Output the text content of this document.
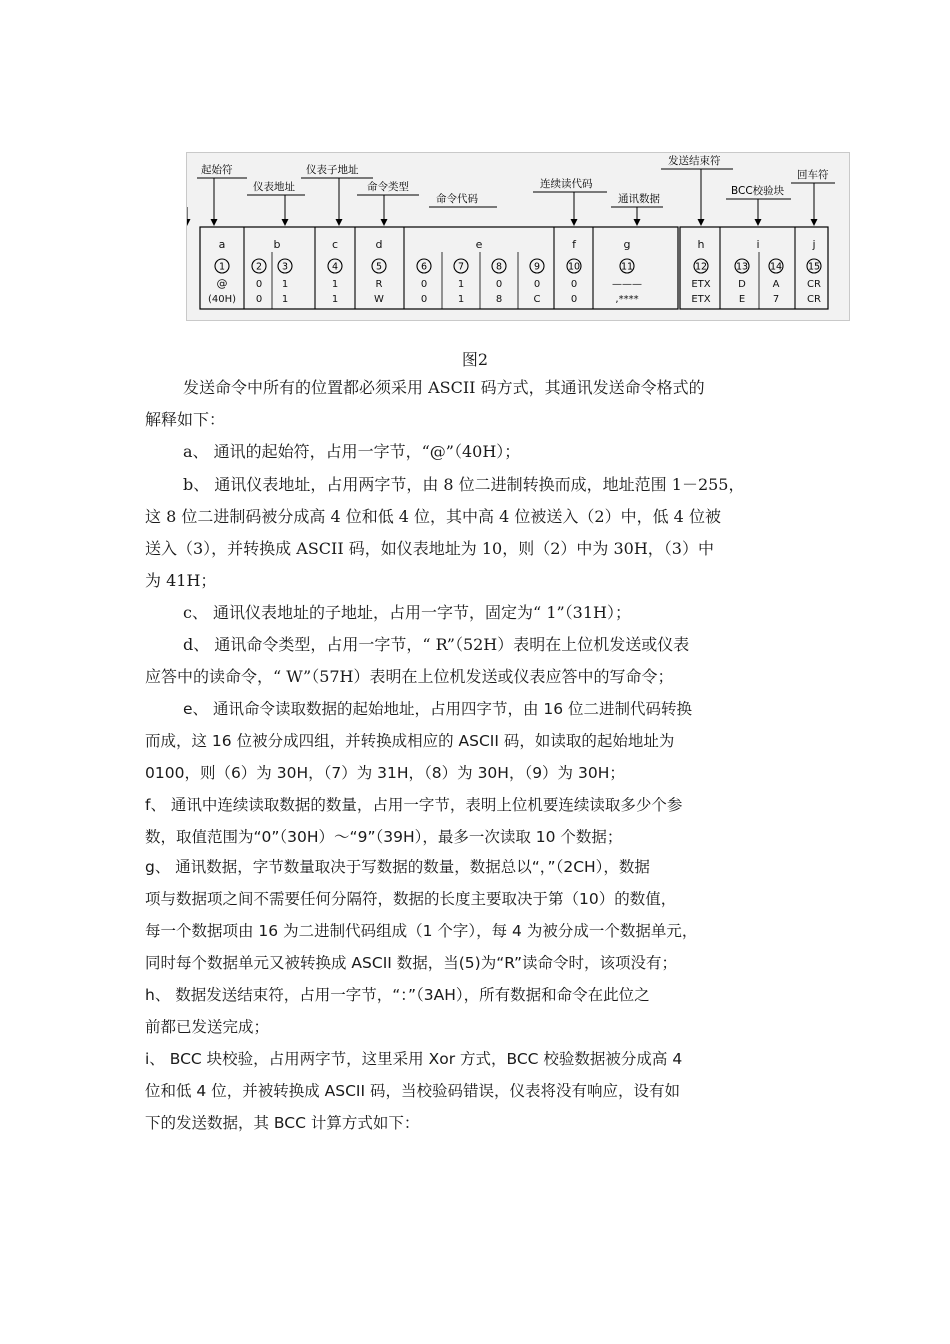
a
1
@
(40H)
b
2
0
0
3
1
1
c
4
1
1
d
5
R
W
6
0
0
e
7
1
1
8
0
8
9
0
C
f
10
0
0
g
11
———
,****
h
12
ETX
ETX
i
13
D
E
14
A
7
j
15
CR
CR
起始符
仪表地址
仪表子地址
命令类型
命令代码
连续读代码
通讯数据
发送结束符
BCC校验块
回车符
图2
发送命令中所有的位置都必须采用 ASCII 码方式，其通讯发送命令格式的
解释如下：
a、 通讯的起始符，占用一字节，“@”（40H）；
b、 通讯仪表地址，占用两字节，由 8 位二进制转换而成，地址范围 1－255，
这 8 位二进制码被分成高 4 位和低 4 位，其中高 4 位被送入（2）中，低 4 位被
送入（3），并转换成 ASCII 码，如仪表地址为 10，则（2）中为 30H，（3）中
为 41H；
c、 通讯仪表地址的子地址，占用一字节，固定为“ 1”（31H）；
d、 通讯命令类型，占用一字节，“ R”（52H）表明在上位机发送或仪表
应答中的读命令，“ W”（57H）表明在上位机发送或仪表应答中的写命令；
e、 通讯命令读取数据的起始地址，占用四字节，由 16 位二进制代码转换
而成，这 16 位被分成四组，并转换成相应的 ASCII 码，如读取的起始地址为
0100，则（6）为 30H，（7）为 31H，（8）为 30H，（9）为 30H；
f、 通讯中连续读取数据的数量，占用一字节，表明上位机要连续读取多少个参
数，取值范围为“0”（30H）～“9”（39H），最多一次读取 10 个数据；
g、 通讯数据，字节数量取决于写数据的数量，数据总以“，”（2CH），数据
项与数据项之间不需要任何分隔符，数据的长度主要取决于第（10）的数值，
每一个数据项由 16 为二进制代码组成（1 个字），每 4 为被分成一个数据单元，
同时每个数据单元又被转换成 ASCII 数据，当(5)为“R”读命令时，该项没有；
h、 数据发送结束符，占用一字节，“：”（3AH），所有数据和命令在此位之
前都已发送完成；
i、 BCC 块校验，占用两字节，这里采用 Xor 方式，BCC 校验数据被分成高 4
位和低 4 位，并被转换成 ASCII 码，当校验码错误，仪表将没有响应，设有如
下的发送数据，其 BCC 计算方式如下：
